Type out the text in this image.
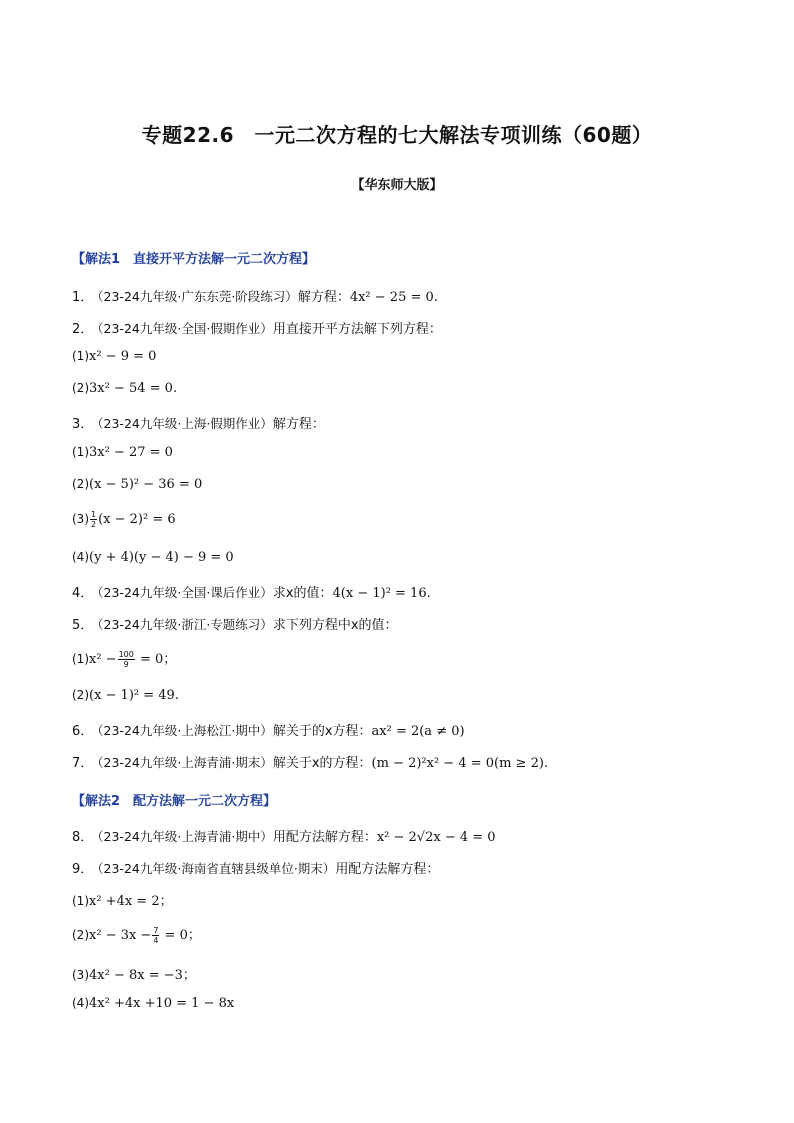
专题22.6　一元二次方程的七大解法专项训练（60题）
【华东师大版】
【解法1　直接开平方法解一元二次方程】
1． （23-24九年级·广东东莞·阶段练习）解方程：4x² − 25 = 0.
2． （23-24九年级·全国·假期作业）用直接开平方法解下列方程：
(1)x² − 9 = 0
(2)3x² − 54 = 0.
3． （23-24九年级·上海·假期作业）解方程：
(1)3x² − 27 = 0
(2)(x − 5)² − 36 = 0
$(3) \frac{1}{2} (x - 2)^2 = 6$
(4)(y + 4)(y − 4) − 9 = 0
4． （23-24九年级·全国·课后作业）求x的值：4(x − 1)² = 16.
5． （23-24九年级·浙江·专题练习）求下列方程中x的值：
$(1)x^2 - \frac{100}{9} = 0$；
(2)(x − 1)² = 49.
6． （23-24九年级·上海松江·期中）解关于的x方程：ax² = 2(a ≠ 0)
7． （23-24九年级·上海青浦·期末）解关于x的方程：(m − 2)²x² − 4 = 0(m ≥ 2).
【解法2　配方法解一元二次方程】
8． （23-24九年级·上海青浦·期中）用配方法解方程：x² − 2√2x − 4 = 0
9． （23-24九年级·海南省直辖县级单位·期末）用配方法解方程：
(1)x² +4x = 2；
$(2)x^2 - 3x - \frac{7}{4} = 0$；
(3)4x² − 8x = −3；
(4)4x² +4x +10 = 1 − 8x
